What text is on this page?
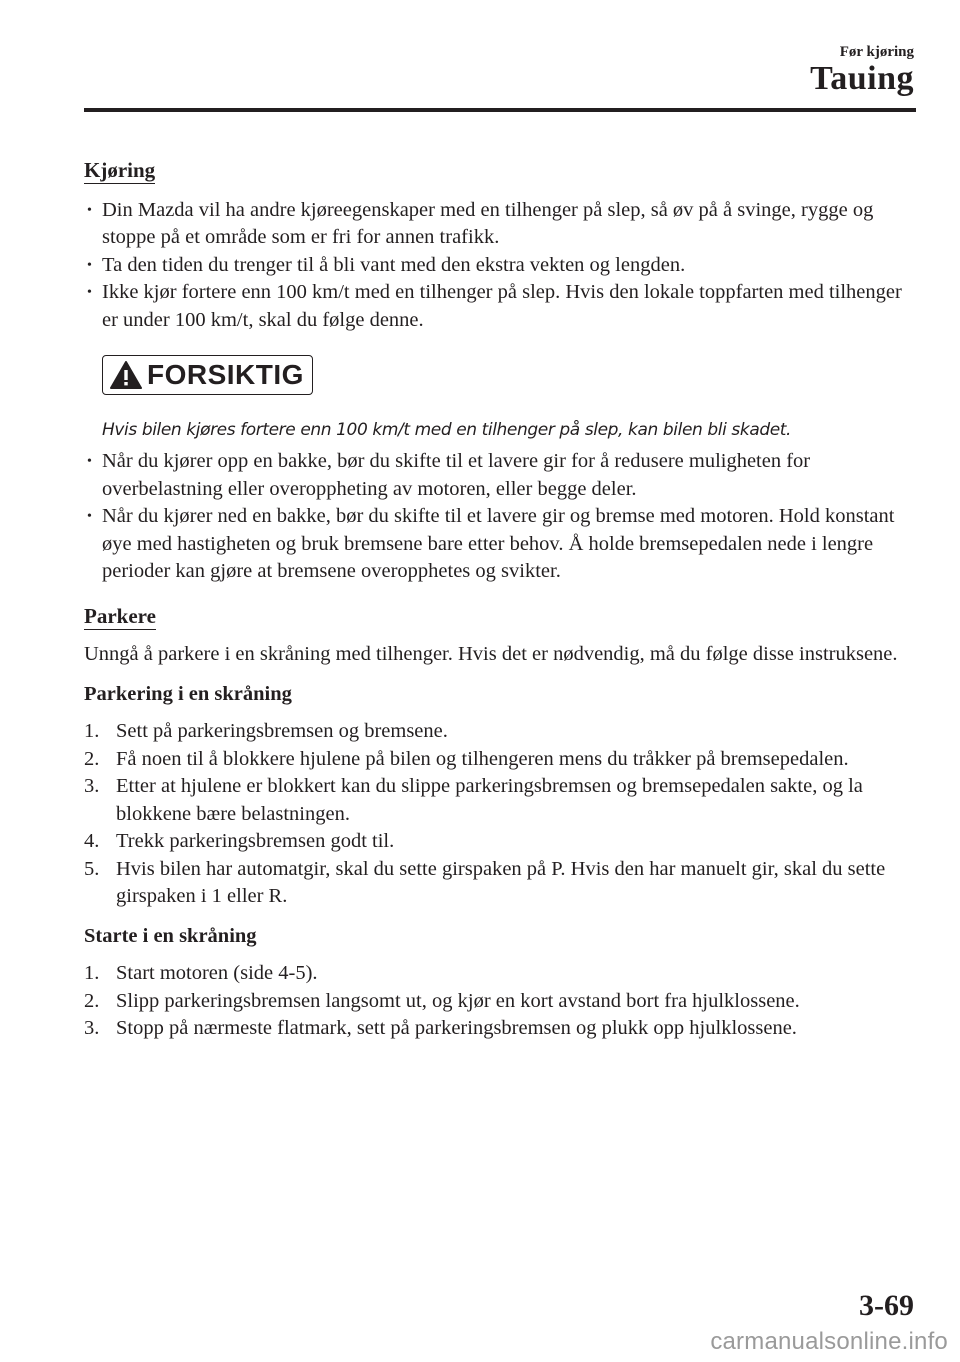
Før kjøring
Tauing
Kjøring
• Din Mazda vil ha andre kjøreegenskaper med en tilhenger på slep, så øv på å svinge, rygge og stoppe på et område som er fri for annen trafikk.
• Ta den tiden du trenger til å bli vant med den ekstra vekten og lengden.
• Ikke kjør fortere enn 100 km/t med en tilhenger på slep. Hvis den lokale toppfarten med tilhenger er under 100 km/t, skal du følge denne.
FORSIKTIG
Hvis bilen kjøres fortere enn 100 km/t med en tilhenger på slep, kan bilen bli skadet.
• Når du kjører opp en bakke, bør du skifte til et lavere gir for å redusere muligheten for overbelastning eller overoppheting av motoren, eller begge deler.
• Når du kjører ned en bakke, bør du skifte til et lavere gir og bremse med motoren. Hold konstant øye med hastigheten og bruk bremsene bare etter behov. Å holde bremsepedalen nede i lengre perioder kan gjøre at bremsene overopphetes og svikter.
Parkere
Unngå å parkere i en skråning med tilhenger. Hvis det er nødvendig, må du følge disse instruksene.
Parkering i en skråning
1. Sett på parkeringsbremsen og bremsene.
2. Få noen til å blokkere hjulene på bilen og tilhengeren mens du tråkker på bremsepedalen.
3. Etter at hjulene er blokkert kan du slippe parkeringsbremsen og bremsepedalen sakte, og la blokkene bære belastningen.
4. Trekk parkeringsbremsen godt til.
5. Hvis bilen har automatgir, skal du sette girspaken på P. Hvis den har manuelt gir, skal du sette girspaken i 1 eller R.
Starte i en skråning
1. Start motoren (side 4-5).
2. Slipp parkeringsbremsen langsomt ut, og kjør en kort avstand bort fra hjulklossene.
3. Stopp på nærmeste flatmark, sett på parkeringsbremsen og plukk opp hjulklossene.
3-69
carmanualsonline.info
